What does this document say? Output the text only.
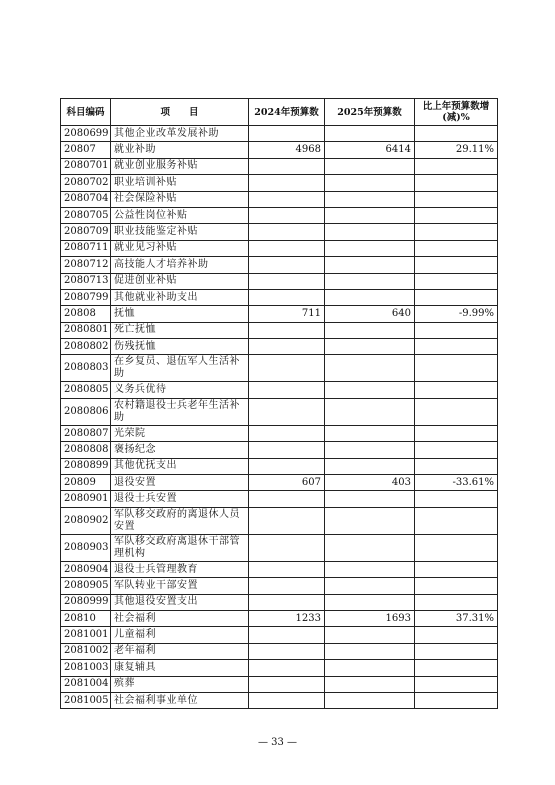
科目编码	项　　目	2024年预算数	2025年预算数	比上年预算数增(减)%
2080699	其他企业改革发展补助			
20807	就业补助	4968	6414	29.11%
2080701	就业创业服务补贴			
2080702	职业培训补贴			
2080704	社会保险补贴			
2080705	公益性岗位补贴			
2080709	职业技能鉴定补贴			
2080711	就业见习补贴			
2080712	高技能人才培养补助			
2080713	促进创业补贴			
2080799	其他就业补助支出			
20808	抚恤	711	640	-9.99%
2080801	死亡抚恤			
2080802	伤残抚恤			
2080803	在乡复员、退伍军人生活补助			
2080805	义务兵优待			
2080806	农村籍退役士兵老年生活补助			
2080807	光荣院			
2080808	褒扬纪念			
2080899	其他优抚支出			
20809	退役安置	607	403	-33.61%
2080901	退役士兵安置			
2080902	军队移交政府的离退休人员安置			
2080903	军队移交政府离退休干部管理机构			
2080904	退役士兵管理教育			
2080905	军队转业干部安置			
2080999	其他退役安置支出			
20810	社会福利	1233	1693	37.31%
2081001	儿童福利			
2081002	老年福利			
2081003	康复辅具			
2081004	殡葬			
2081005	社会福利事业单位			
— 33 —
